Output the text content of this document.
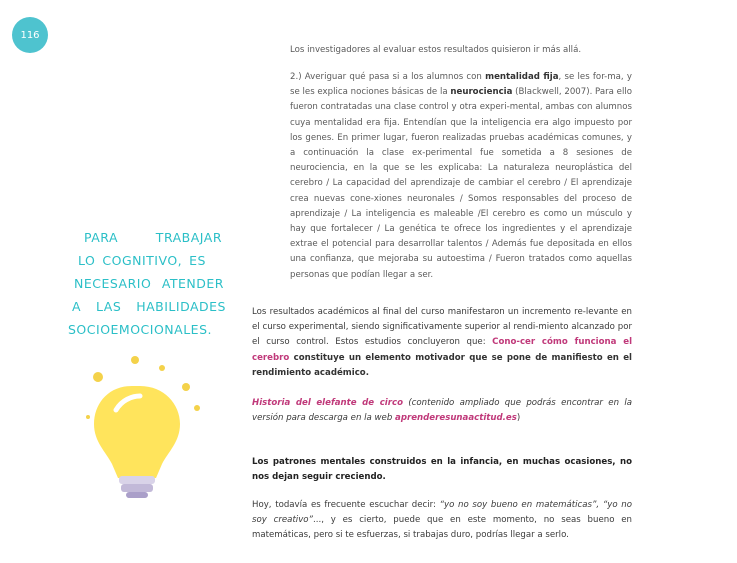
116
PARA TRABAJAR
LO COGNITIVO, ES
NECESARIO ATENDER
A LAS HABILIDADES
SOCIOEMOCIONALES.

Los investigadores al evaluar estos resultados quisieron ir más allá.

2.) Averiguar qué pasa si a los alumnos con mentalidad fija, se les for-ma, y se les explica nociones básicas de la neurociencia (Blackwell, 2007). Para ello fueron contratadas una clase control y otra experi-mental, ambas con alumnos cuya mentalidad era fija. Entendían que la inteligencia era algo impuesto por los genes. En primer lugar, fueron realizadas pruebas académicas comunes, y a continuación la clase ex-perimental fue sometida a 8 sesiones de neurociencia, en la que se les explicaba: La naturaleza neuroplástica del cerebro / La capacidad del aprendizaje de cambiar el cerebro / El aprendizaje crea nuevas cone-xiones neuronales / Somos responsables del proceso de aprendizaje / La inteligencia es maleable /El cerebro es como un músculo y hay que fortalecer / La genética te ofrece los ingredientes y el aprendizaje extrae el potencial para desarrollar talentos / Además fue depositada en ellos una confianza, que mejoraba su autoestima / Fueron tratados como aquellas personas que podían llegar a ser.

Los resultados académicos al final del curso manifestaron un incremento re-levante en el curso experimental, siendo significativamente superior al rendi-miento alcanzado por el curso control. Estos estudios concluyeron que: Cono-cer cómo funciona el cerebro constituye un elemento motivador que se pone de manifiesto en el rendimiento académico.

Historia del elefante de circo (contenido ampliado que podrás encontrar en la versión para descarga en la web aprenderesunaactitud.es)

Los patrones mentales construidos en la infancia, en muchas ocasiones, no nos dejan seguir creciendo.

Hoy, todavía es frecuente escuchar decir: “yo no soy bueno en matemáticas”, “yo no soy creativo”..., y es cierto, puede que en este momento, no seas bueno en matemáticas, pero si te esfuerzas, si trabajas duro, podrías llegar a serlo.
